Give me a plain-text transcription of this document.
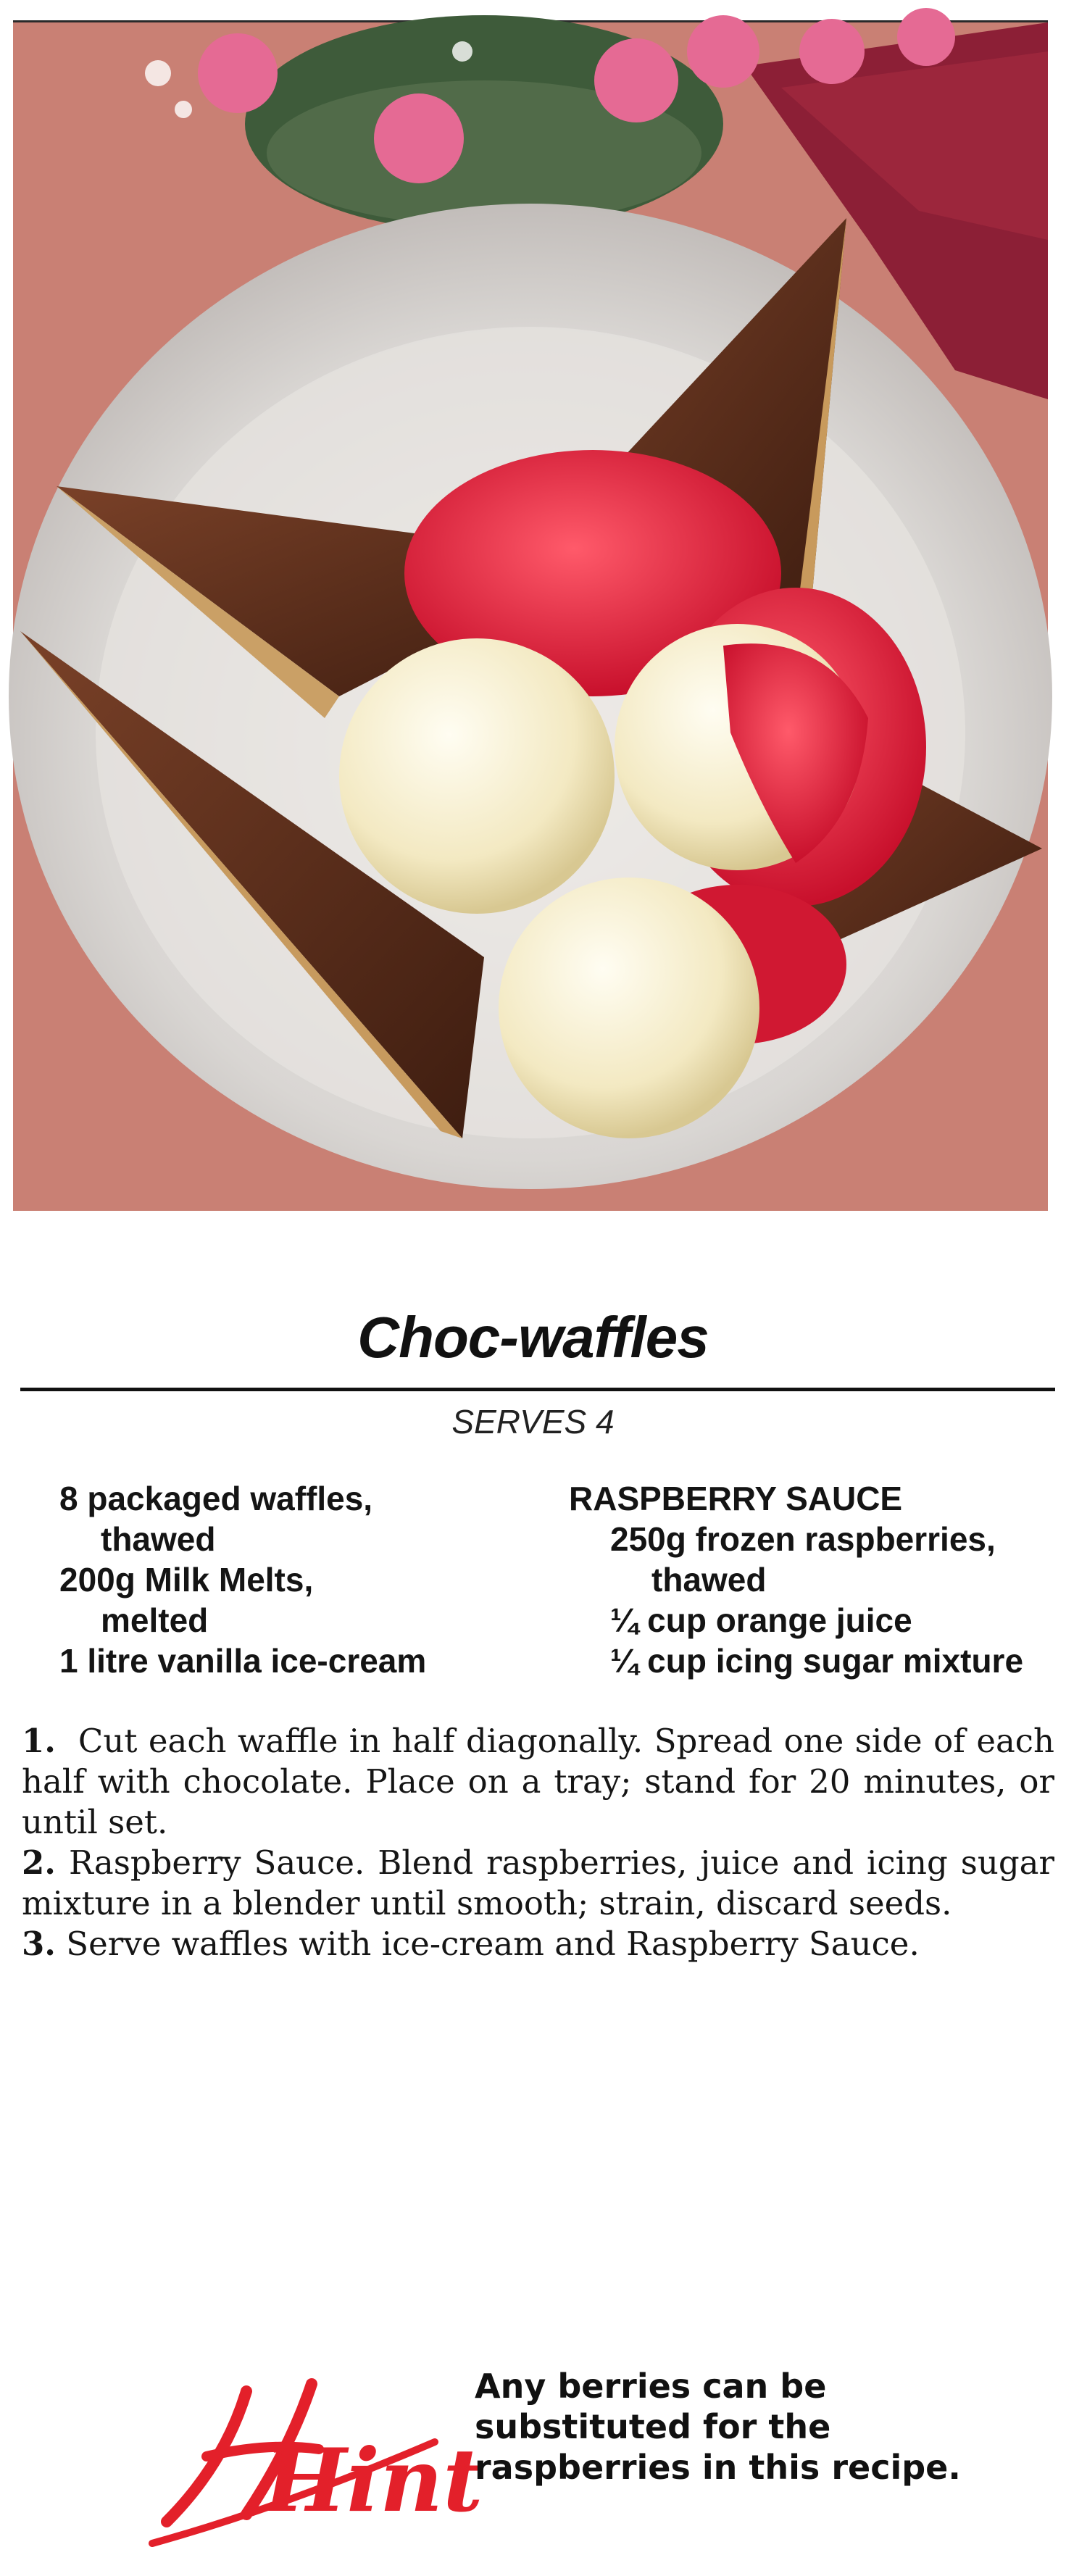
Choc-waffles
SERVES 4
8 packaged waffles,
thawed
200g Milk Melts,
melted
1 litre vanilla ice-cream
RASPBERRY SAUCE
250g frozen raspberries,
thawed
¼ cup orange juice
¼ cup icing sugar mixture

1. Cut each waffle in half diagonally. Spread one side of each half with chocolate. Place on a tray; stand for 20 minutes, or until set.

2. Raspberry Sauce. Blend raspberries, juice and icing sugar mixture in a blender until smooth; strain, discard seeds.

3. Serve waffles with ice-cream and Raspberry Sauce.

Hint
Any berries can be
substituted for the
raspberries in this recipe.
